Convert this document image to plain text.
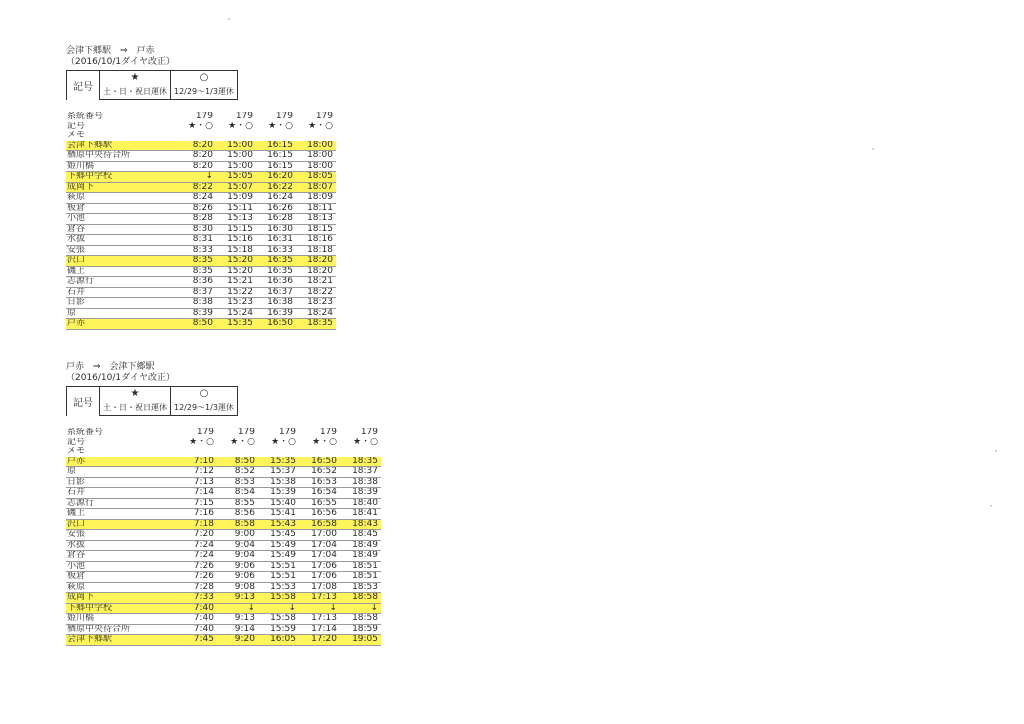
会津下郷駅　⇒　戸赤
（2016/10/1ダイヤ改正）
記号	★	○
	土・日・祝日運休	12/29〜1/3運休
系統番号	179	179	179	179
記号	★・○	★・○	★・○	★・○
メモ				
会津下郷駅	8:20	15:00	16:15	18:00
楢原中央待合所	8:20	15:00	16:15	18:00
姫川橋	8:20	15:00	16:15	18:00
下郷中学校	↓	15:05	16:20	18:05
成岡下	8:22	15:07	16:22	18:07
萩原	8:24	15:09	16:24	18:09
板倉	8:26	15:11	16:26	18:11
小池	8:28	15:13	16:28	18:13
倉谷	8:30	15:15	16:30	18:15
水抜	8:31	15:16	16:31	18:16
安張	8:33	15:18	16:33	18:18
沢口	8:35	15:20	16:35	18:20
磯上	8:35	15:20	16:35	18:20
志源行	8:36	15:21	16:36	18:21
石井	8:37	15:22	16:37	18:22
日影	8:38	15:23	16:38	18:23
原	8:39	15:24	16:39	18:24
戸赤	8:50	15:35	16:50	18:35
戸赤　⇒　会津下郷駅
（2016/10/1ダイヤ改正）
記号	★	○
	土・日・祝日運休	12/29〜1/3運休
系統番号	179	179	179	179	179
記号	★・○	★・○	★・○	★・○	★・○
メモ					
戸赤	7:10	8:50	15:35	16:50	18:35
原	7:12	8:52	15:37	16:52	18:37
日影	7:13	8:53	15:38	16:53	18:38
石井	7:14	8:54	15:39	16:54	18:39
志源行	7:15	8:55	15:40	16:55	18:40
磯上	7:16	8:56	15:41	16:56	18:41
沢口	7:18	8:58	15:43	16:58	18:43
安張	7:20	9:00	15:45	17:00	18:45
水抜	7:24	9:04	15:49	17:04	18:49
倉谷	7:24	9:04	15:49	17:04	18:49
小池	7:26	9:06	15:51	17:06	18:51
板倉	7:26	9:06	15:51	17:06	18:51
萩原	7:28	9:08	15:53	17:08	18:53
成岡下	7:33	9:13	15:58	17:13	18:58
下郷中学校	7:40	↓	↓	↓	↓
姫川橋	7:40	9:13	15:58	17:13	18:58
楢原中央待合所	7:40	9:14	15:59	17:14	18:59
会津下郷駅	7:45	9:20	16:05	17:20	19:05
